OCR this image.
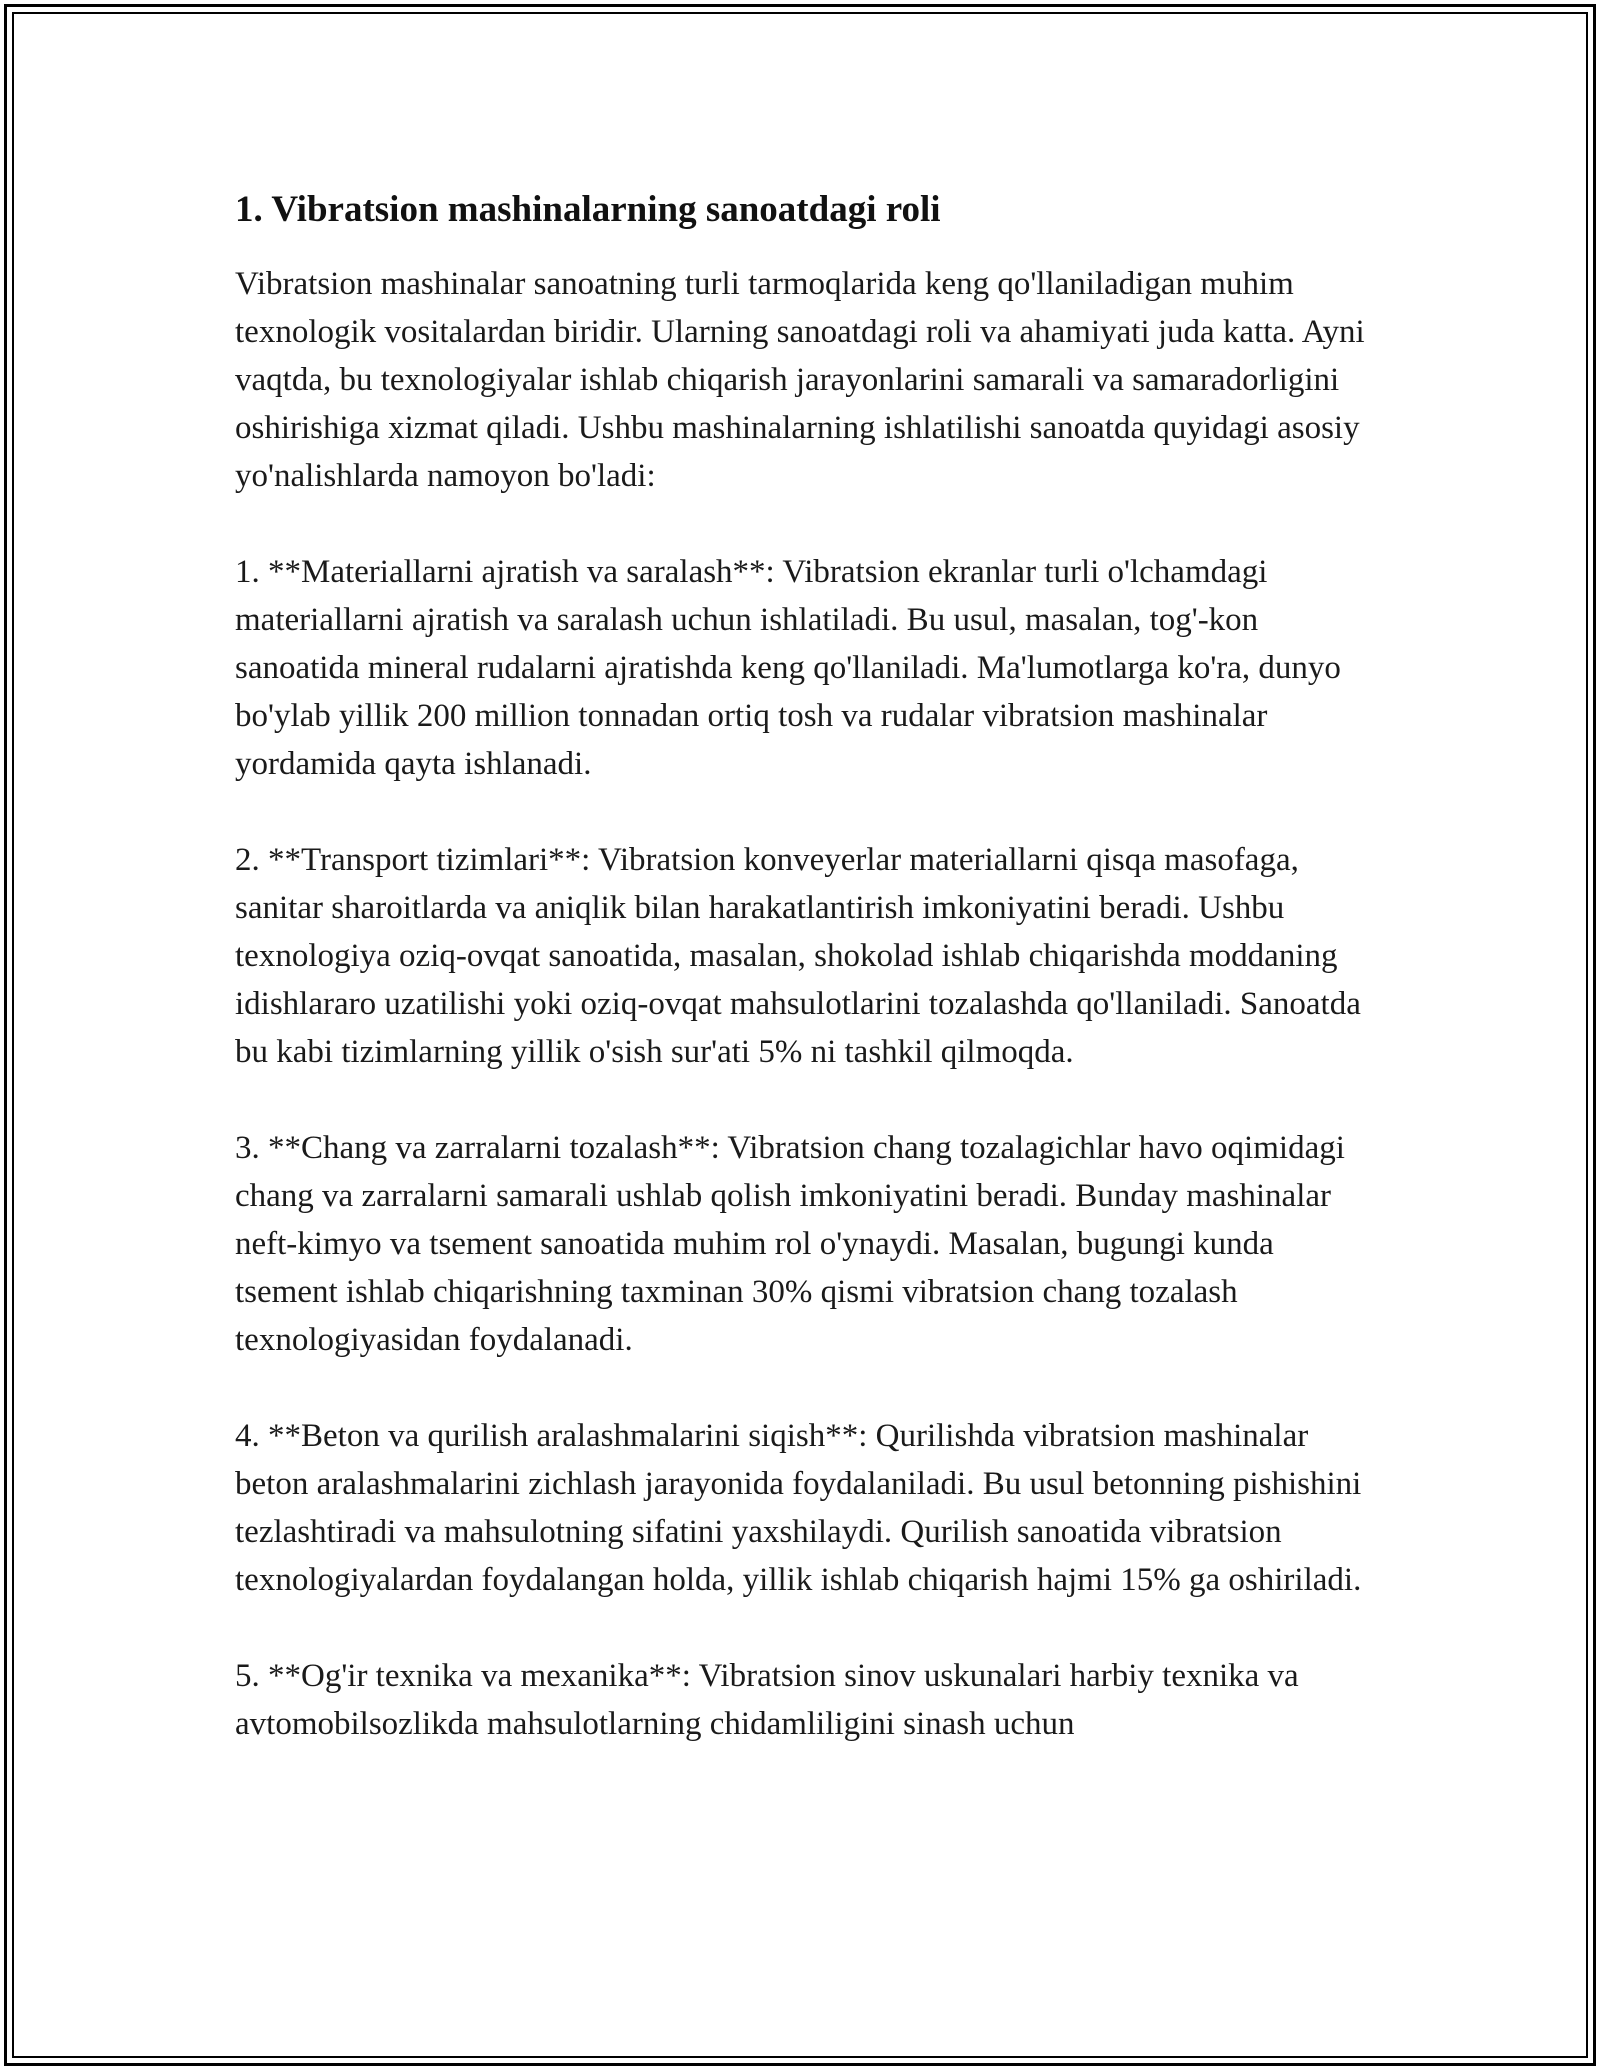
1. Vibratsion mashinalarning sanoatdagi roli

Vibratsion mashinalar sanoatning turli tarmoqlarida keng qo'llaniladigan muhim texnologik vositalardan biridir. Ularning sanoatdagi roli va ahamiyati juda katta. Ayni vaqtda, bu texnologiyalar ishlab chiqarish jarayonlarini samarali va samaradorligini oshirishiga xizmat qiladi. Ushbu mashinalarning ishlatilishi sanoatda quyidagi asosiy yo'nalishlarda namoyon bo'ladi:

1. **Materiallarni ajratish va saralash**: Vibratsion ekranlar turli o'lchamdagi materiallarni ajratish va saralash uchun ishlatiladi. Bu usul, masalan, tog'-kon sanoatida mineral rudalarni ajratishda keng qo'llaniladi. Ma'lumotlarga ko'ra, dunyo bo'ylab yillik 200 million tonnadan ortiq tosh va rudalar vibratsion mashinalar yordamida qayta ishlanadi.

2. **Transport tizimlari**: Vibratsion konveyerlar materiallarni qisqa masofaga, sanitar sharoitlarda va aniqlik bilan harakatlantirish imkoniyatini beradi. Ushbu texnologiya oziq-ovqat sanoatida, masalan, shokolad ishlab chiqarishda moddaning idishlararo uzatilishi yoki oziq-ovqat mahsulotlarini tozalashda qo'llaniladi. Sanoatda bu kabi tizimlarning yillik o'sish sur'ati 5% ni tashkil qilmoqda.

3. **Chang va zarralarni tozalash**: Vibratsion chang tozalagichlar havo oqimidagi chang va zarralarni samarali ushlab qolish imkoniyatini beradi. Bunday mashinalar neft-kimyo va tsement sanoatida muhim rol o'ynaydi. Masalan, bugungi kunda tsement ishlab chiqarishning taxminan 30% qismi vibratsion chang tozalash texnologiyasidan foydalanadi.

4. **Beton va qurilish aralashmalarini siqish**: Qurilishda vibratsion mashinalar beton aralashmalarini zichlash jarayonida foydalaniladi. Bu usul betonning pishishini tezlashtiradi va mahsulotning sifatini yaxshilaydi. Qurilish sanoatida vibratsion texnologiyalardan foydalangan holda, yillik ishlab chiqarish hajmi 15% ga oshiriladi.

5. **Og'ir texnika va mexanika**: Vibratsion sinov uskunalari harbiy texnika va avtomobilsozlikda mahsulotlarning chidamliligini sinash uchun
